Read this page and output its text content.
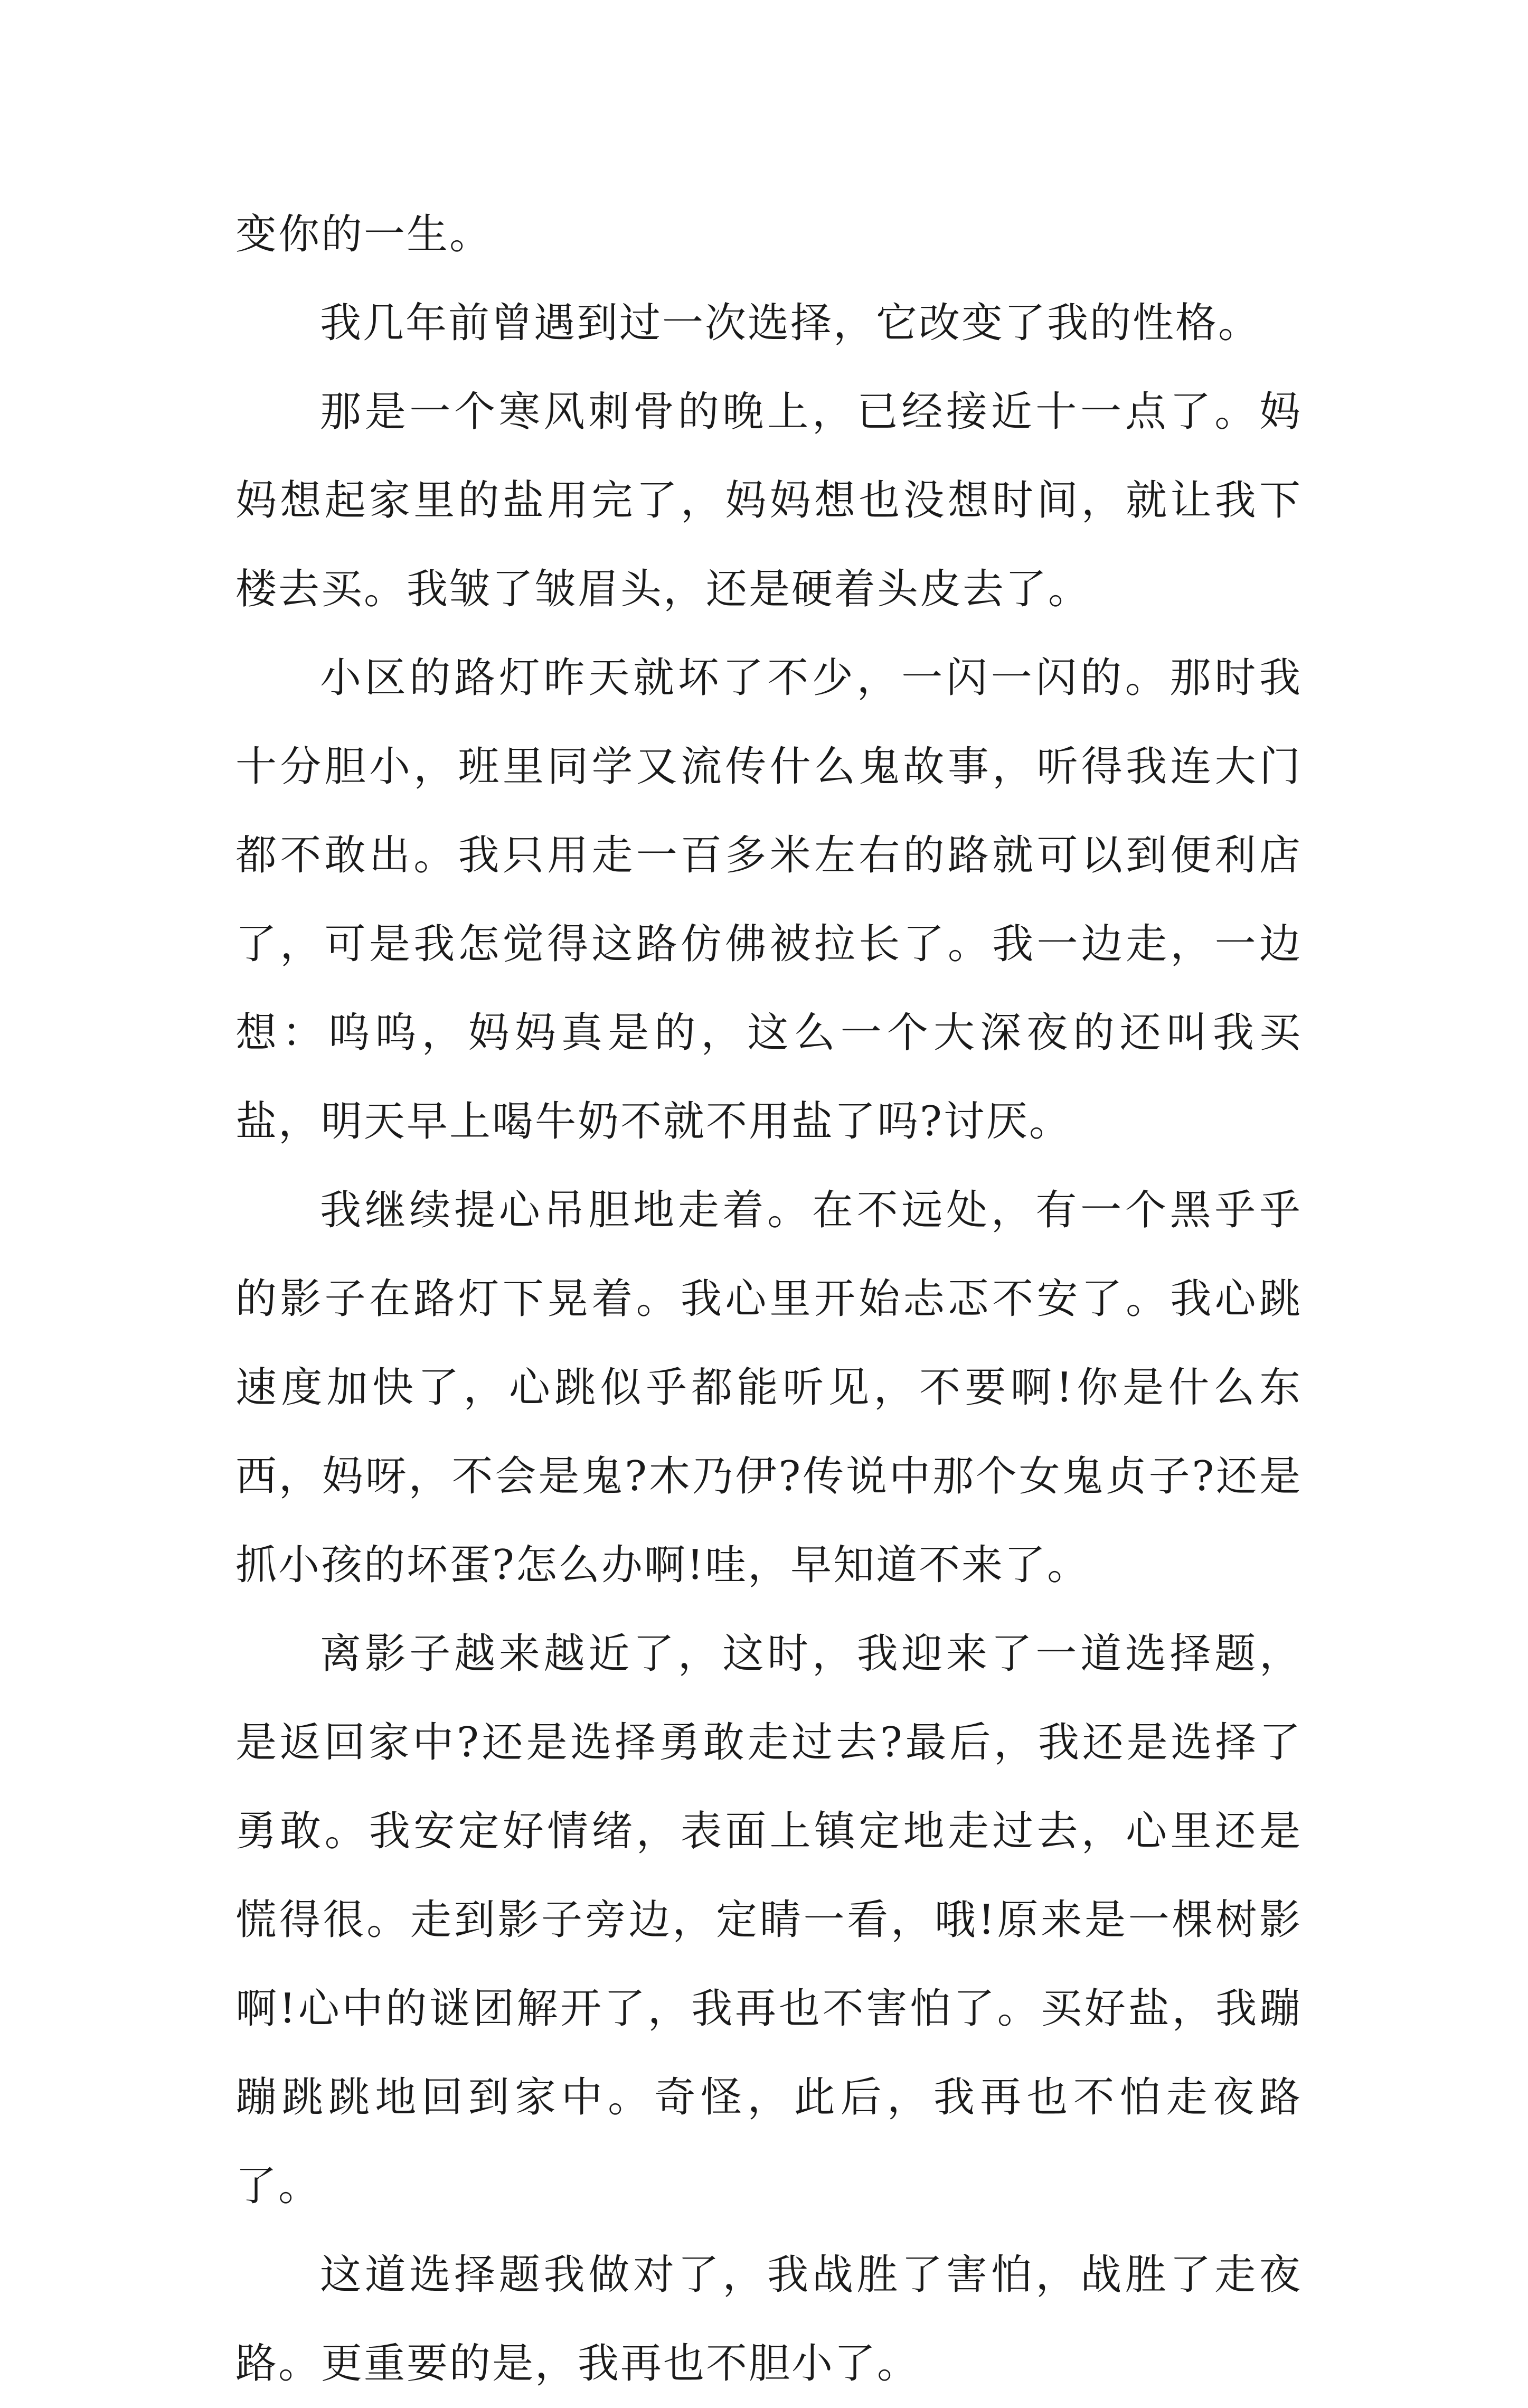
变你的一生。

我几年前曾遇到过一次选择，它改变了我的性格。

那是一个寒风刺骨的晚上，已经接近十一点了。妈妈想起家里的盐用完了，妈妈想也没想时间，就让我下楼去买。我皱了皱眉头，还是硬着头皮去了。

小区的路灯昨天就坏了不少，一闪一闪的。那时我十分胆小，班里同学又流传什么鬼故事，听得我连大门都不敢出。我只用走一百多米左右的路就可以到便利店了，可是我怎觉得这路仿佛被拉长了。我一边走，一边想：呜呜，妈妈真是的，这么一个大深夜的还叫我买盐，明天早上喝牛奶不就不用盐了吗?讨厌。

我继续提心吊胆地走着。在不远处，有一个黑乎乎的影子在路灯下晃着。我心里开始忐忑不安了。我心跳速度加快了，心跳似乎都能听见，不要啊!你是什么东西，妈呀，不会是鬼?木乃伊?传说中那个女鬼贞子?还是抓小孩的坏蛋?怎么办啊!哇，早知道不来了。

离影子越来越近了，这时，我迎来了一道选择题，是返回家中?还是选择勇敢走过去?最后，我还是选择了勇敢。我安定好情绪，表面上镇定地走过去，心里还是慌得很。走到影子旁边，定睛一看，哦!原来是一棵树影啊!心中的谜团解开了，我再也不害怕了。买好盐，我蹦蹦跳跳地回到家中。奇怪，此后，我再也不怕走夜路了。

这道选择题我做对了，我战胜了害怕，战胜了走夜路。更重要的是，我再也不胆小了。
